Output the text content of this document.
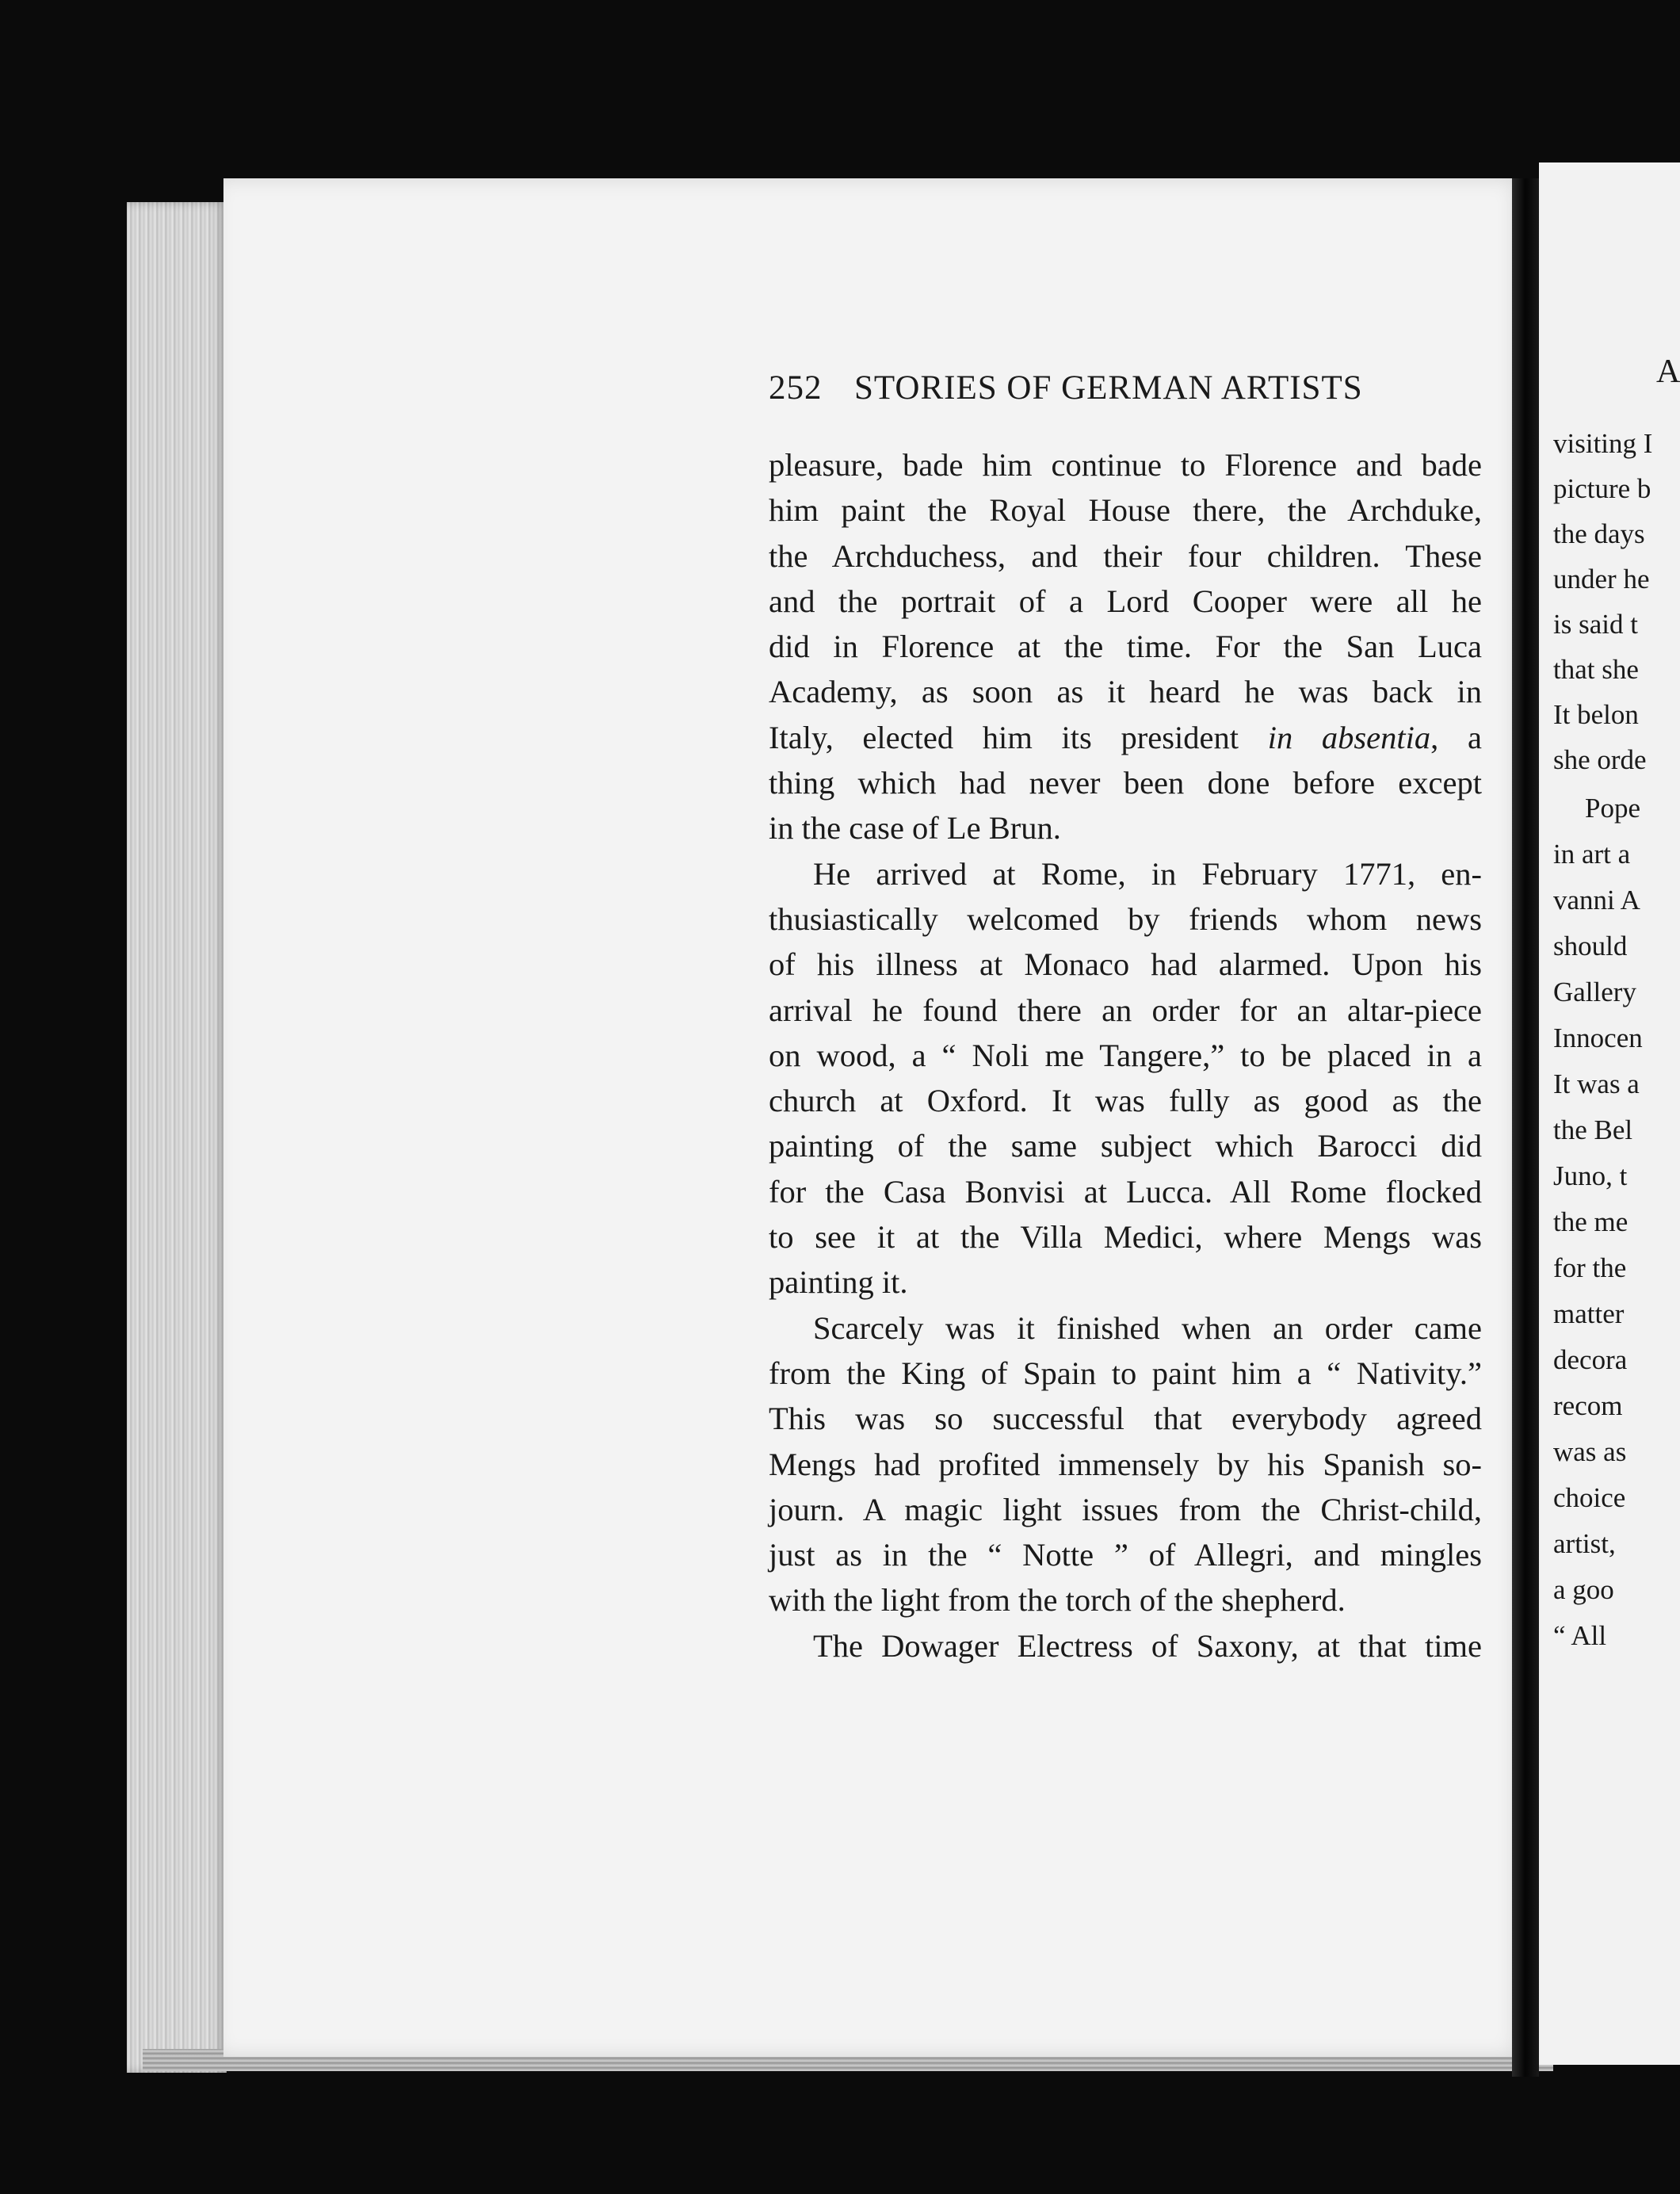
252 STORIES OF GERMAN ARTISTS
pleasure, bade him continue to Florence and bade
him paint the Royal House there, the Archduke,
the Archduchess, and their four children. These
and the portrait of a Lord Cooper were all he
did in Florence at the time. For the San Luca
Academy, as soon as it heard he was back in
Italy, elected him its president in absentia, a
thing which had never been done before except
in the case of Le Brun.
He arrived at Rome, in February 1771, en-
thusiastically welcomed by friends whom news
of his illness at Monaco had alarmed. Upon his
arrival he found there an order for an altar-piece
on wood, a “ Noli me Tangere,” to be placed in a
church at Oxford. It was fully as good as the
painting of the same subject which Barocci did
for the Casa Bonvisi at Lucca. All Rome flocked
to see it at the Villa Medici, where Mengs was
painting it.
Scarcely was it finished when an order came
from the King of Spain to paint him a “ Nativity.”
This was so successful that everybody agreed
Mengs had profited immensely by his Spanish so-
journ. A magic light issues from the Christ-child,
just as in the “ Notte ” of Allegri, and mingles
with the light from the torch of the shepherd.
The Dowager Electress of Saxony, at that time
A
visiting I
picture b
the days
under he
is said t
that she
It belon
she orde
Pope
in art a
vanni A
should
Gallery
Innocen
It was a
the Bel
Juno, t
the me
for the
matter
decora
recom
was as
choice
artist,
a goo
“ All
